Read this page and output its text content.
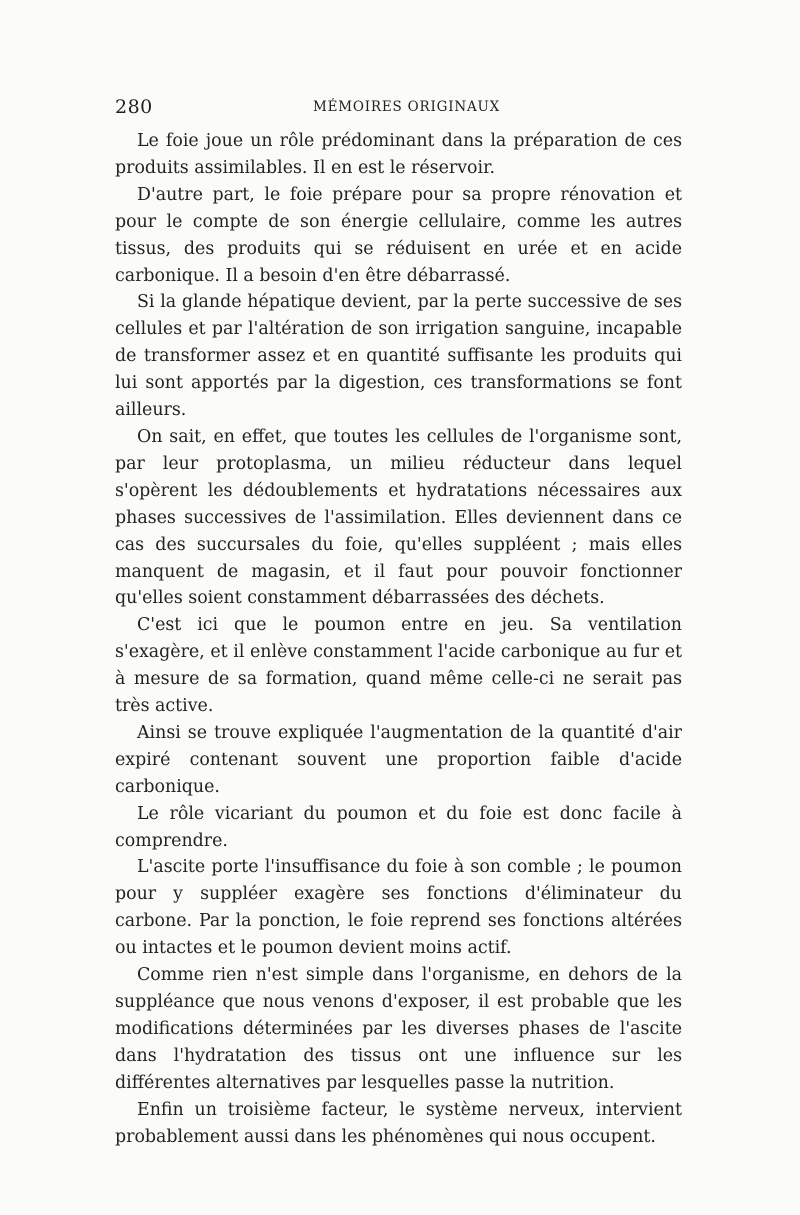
280	MÉMOIRES ORIGINAUX

Le foie joue un rôle prédominant dans la préparation de ces produits assimilables. Il en est le réservoir.

D'autre part, le foie prépare pour sa propre rénovation et pour le compte de son énergie cellulaire, comme les autres tissus, des produits qui se réduisent en urée et en acide carbonique. Il a besoin d'en être débarrassé.

Si la glande hépatique devient, par la perte successive de ses cellules et par l'altération de son irrigation sanguine, incapable de transformer assez et en quantité suffisante les produits qui lui sont apportés par la digestion, ces transformations se font ailleurs.

On sait, en effet, que toutes les cellules de l'organisme sont, par leur protoplasma, un milieu réducteur dans lequel s'opèrent les dédoublements et hydratations nécessaires aux phases successives de l'assimilation. Elles deviennent dans ce cas des succursales du foie, qu'elles suppléent ; mais elles manquent de magasin, et il faut pour pouvoir fonctionner qu'elles soient constamment débarrassées des déchets.

C'est ici que le poumon entre en jeu. Sa ventilation s'exagère, et il enlève constamment l'acide carbonique au fur et à mesure de sa formation, quand même celle-ci ne serait pas très active.

Ainsi se trouve expliquée l'augmentation de la quantité d'air expiré contenant souvent une proportion faible d'acide carbonique.

Le rôle vicariant du poumon et du foie est donc facile à comprendre.

L'ascite porte l'insuffisance du foie à son comble ; le poumon pour y suppléer exagère ses fonctions d'éliminateur du carbone. Par la ponction, le foie reprend ses fonctions altérées ou intactes et le poumon devient moins actif.

Comme rien n'est simple dans l'organisme, en dehors de la suppléance que nous venons d'exposer, il est probable que les modifications déterminées par les diverses phases de l'ascite dans l'hydratation des tissus ont une influence sur les différentes alternatives par lesquelles passe la nutrition.

Enfin un troisième facteur, le système nerveux, intervient probablement aussi dans les phénomènes qui nous occupent.
